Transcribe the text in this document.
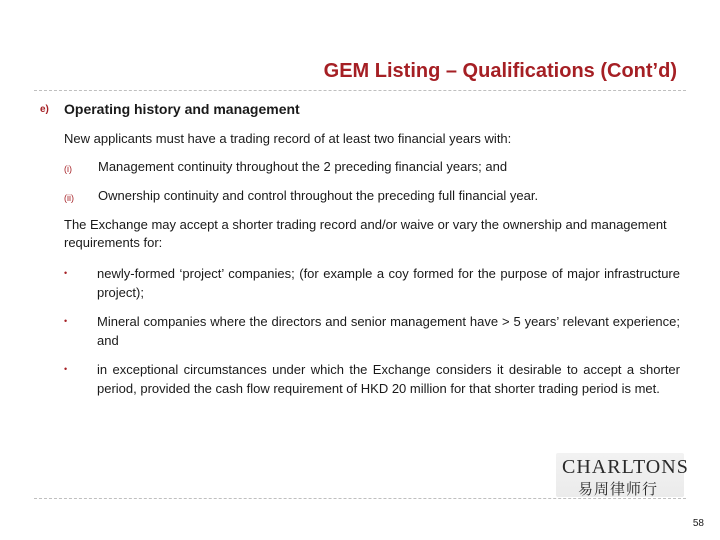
GEM Listing – Qualifications (Cont’d)
e) Operating history and management
New applicants must have a trading record of at least two financial years with:
(i) Management continuity throughout the 2 preceding financial years; and
(ii) Ownership continuity and control throughout the preceding full financial year.
The Exchange may accept a shorter trading record and/or waive or vary the ownership and management requirements for:
• newly-formed ‘project’ companies; (for example a coy formed for the purpose of major infrastructure project);
• Mineral companies where the directors and senior management have > 5 years’ relevant experience; and
• in exceptional circumstances under which the Exchange considers it desirable to accept a shorter period, provided the cash flow requirement of HKD 20 million for that shorter trading period is met.
CHARLTONS
易周律师行
58
